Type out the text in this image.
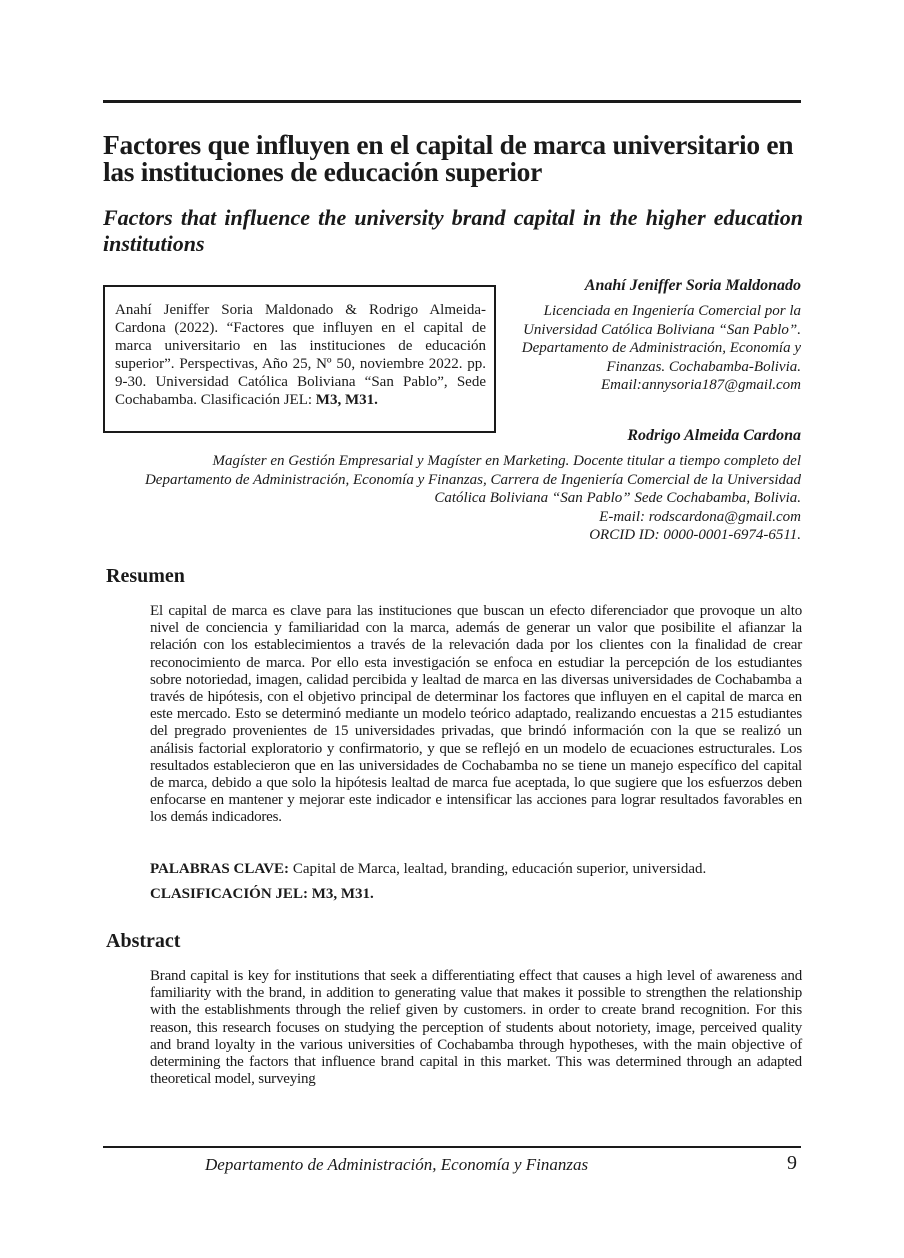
Factores que influyen en el capital de marca universitario en las instituciones de educación superior
Factors that influence the university brand capital in the higher education institutions
Anahí Jeniffer Soria Maldonado & Rodrigo Almeida-Cardona (2022). “Factores que influyen en el capital de marca universitario en las instituciones de educación superior”. Perspectivas, Año 25, Nº 50, noviembre 2022. pp. 9-30. Universidad Católica Boliviana “San Pablo”, Sede Cochabamba. Clasificación JEL: M3, M31.
Anahí Jeniffer Soria Maldonado
Licenciada en Ingeniería Comercial por la Universidad Católica Boliviana “San Pablo”. Departamento de Administración, Economía y Finanzas. Cochabamba-Bolivia.
Email:annysoria187@gmail.com
Rodrigo Almeida Cardona
Magíster en Gestión Empresarial y Magíster en Marketing. Docente titular a tiempo completo del Departamento de Administración, Economía y Finanzas, Carrera de Ingeniería Comercial de la Universidad Católica Boliviana “San Pablo” Sede Cochabamba, Bolivia.
E-mail: rodscardona@gmail.com
ORCID ID: 0000-0001-6974-6511.
Resumen

El capital de marca es clave para las instituciones que buscan un efecto diferenciador que provoque un alto nivel de conciencia y familiaridad con la marca, además de generar un valor que posibilite el afianzar la relación con los establecimientos a través de la relevación dada por los clientes con la finalidad de crear reconocimiento de marca. Por ello esta investigación se enfoca en estudiar la percepción de los estudiantes sobre notoriedad, imagen, calidad percibida y lealtad de marca en las diversas universidades de Cochabamba a través de hipótesis, con el objetivo principal de determinar los factores que influyen en el capital de marca en este mercado. Esto se determinó mediante un modelo teórico adaptado, realizando encuestas a 215 estudiantes del pregrado provenientes de 15 universidades privadas, que brindó información con la que se realizó un análisis factorial exploratorio y confirmatorio, y que se reflejó en un modelo de ecuaciones estructurales. Los resultados establecieron que en las universidades de Cochabamba no se tiene un manejo específico del capital de marca, debido a que solo la hipótesis lealtad de marca fue aceptada, lo que sugiere que los esfuerzos deben enfocarse en mantener y mejorar este indicador e intensificar las acciones para lograr resultados favorables en los demás indicadores.

PALABRAS CLAVE: Capital de Marca, lealtad, branding, educación superior, universidad.
CLASIFICACIÓN JEL: M3, M31.
Abstract

Brand capital is key for institutions that seek a differentiating effect that causes a high level of awareness and familiarity with the brand, in addition to generating value that makes it possible to strengthen the relationship with the establishments through the relief given by customers. in order to create brand recognition. For this reason, this research focuses on studying the perception of students about notoriety, image, perceived quality and brand loyalty in the various universities of Cochabamba through hypotheses, with the main objective of determining the factors that influence brand capital in this market. This was determined through an adapted theoretical model, surveying

Departamento de Administración, Economía y Finanzas	9
